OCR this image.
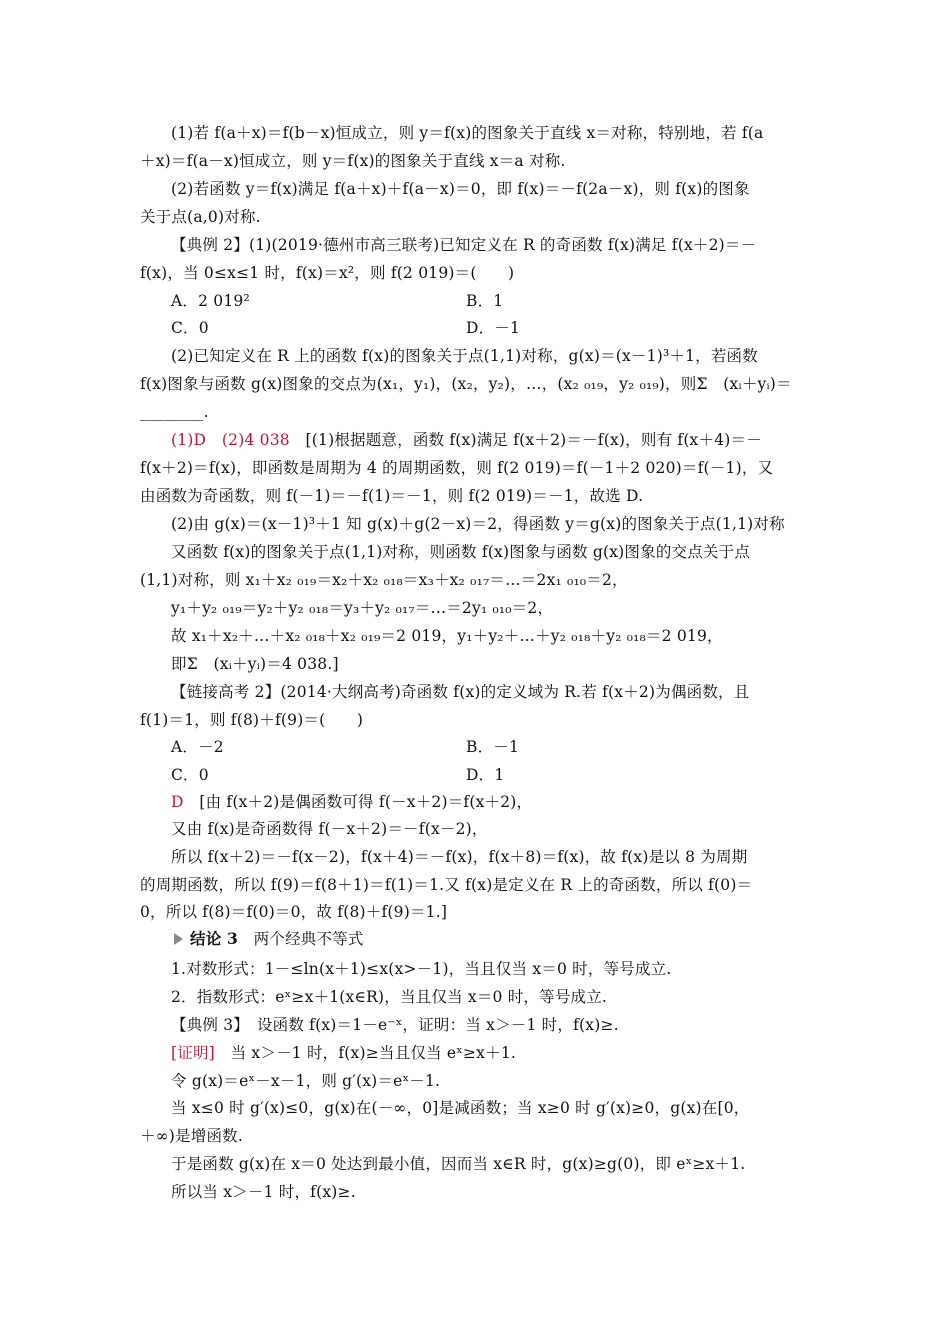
(1)若 f(a＋x)＝f(b－x)恒成立，则 y＝f(x)的图象关于直线 x＝对称，特别地，若 f(a
＋x)＝f(a－x)恒成立，则 y＝f(x)的图象关于直线 x＝a 对称.
(2)若函数 y＝f(x)满足 f(a＋x)＋f(a－x)＝0，即 f(x)＝－f(2a－x)，则 f(x)的图象
关于点(a,0)对称.
【典例 2】(1)(2019·德州市高三联考)已知定义在 R 的奇函数 f(x)满足 f(x＋2)＝－
f(x)，当 0≤x≤1 时，f(x)＝x²，则 f(2 019)＝(　　)
A．2 019²	B．1
C．0	D．－1
(2)已知定义在 R 上的函数 f(x)的图象关于点(1,1)对称，g(x)＝(x－1)³＋1，若函数
f(x)图象与函数 g(x)图象的交点为(x₁，y₁)，(x₂，y₂)，…，(x₂ ₀₁₉，y₂ ₀₁₉)，则Σ　(xᵢ＋yᵢ)＝
________.
(1)D　(2)4 038　[(1)根据题意，函数 f(x)满足 f(x＋2)＝－f(x)，则有 f(x＋4)＝－
f(x＋2)＝f(x)，即函数是周期为 4 的周期函数，则 f(2 019)＝f(－1＋2 020)＝f(－1)，又
由函数为奇函数，则 f(－1)＝－f(1)＝－1，则 f(2 019)＝－1，故选 D.
(2)由 g(x)＝(x－1)³＋1 知 g(x)＋g(2－x)＝2，得函数 y＝g(x)的图象关于点(1,1)对称
又函数 f(x)的图象关于点(1,1)对称，则函数 f(x)图象与函数 g(x)图象的交点关于点
(1,1)对称，则 x₁＋x₂ ₀₁₉＝x₂＋x₂ ₀₁₈＝x₃＋x₂ ₀₁₇＝…＝2x₁ ₀₁₀＝2，
y₁＋y₂ ₀₁₉＝y₂＋y₂ ₀₁₈＝y₃＋y₂ ₀₁₇＝…＝2y₁ ₀₁₀＝2，
故 x₁＋x₂＋…＋x₂ ₀₁₈＋x₂ ₀₁₉＝2 019，y₁＋y₂＋…＋y₂ ₀₁₈＋y₂ ₀₁₈＝2 019，
即Σ　(xᵢ＋yᵢ)＝4 038.]
【链接高考 2】(2014·大纲高考)奇函数 f(x)的定义域为 R.若 f(x＋2)为偶函数，且
f(1)＝1，则 f(8)＋f(9)＝(　　)
A．－2	B．－1
C．0	D．1
D　[由 f(x＋2)是偶函数可得 f(－x＋2)＝f(x＋2)，
又由 f(x)是奇函数得 f(－x＋2)＝－f(x－2)，
所以 f(x＋2)＝－f(x－2)，f(x＋4)＝－f(x)，f(x＋8)＝f(x)，故 f(x)是以 8 为周期
的周期函数，所以 f(9)＝f(8＋1)＝f(1)＝1.又 f(x)是定义在 R 上的奇函数，所以 f(0)＝
0，所以 f(8)＝f(0)＝0，故 f(8)＋f(9)＝1.]
结论 3　两个经典不等式
1.对数形式：1－≤ln(x＋1)≤x(x>－1)，当且仅当 x＝0 时，等号成立.
2．指数形式：eˣ≥x＋1(x∈R)，当且仅当 x＝0 时，等号成立.
【典例 3】　设函数 f(x)＝1－e⁻ˣ，证明：当 x＞－1 时，f(x)≥.
[证明]　当 x＞－1 时，f(x)≥当且仅当 eˣ≥x＋1.
令 g(x)＝eˣ－x－1，则 g′(x)＝eˣ－1.
当 x≤0 时 g′(x)≤0，g(x)在(－∞，0]是减函数；当 x≥0 时 g′(x)≥0，g(x)在[0，
＋∞)是增函数.
于是函数 g(x)在 x＝0 处达到最小值，因而当 x∈R 时，g(x)≥g(0)，即 eˣ≥x＋1.
所以当 x＞－1 时，f(x)≥.
